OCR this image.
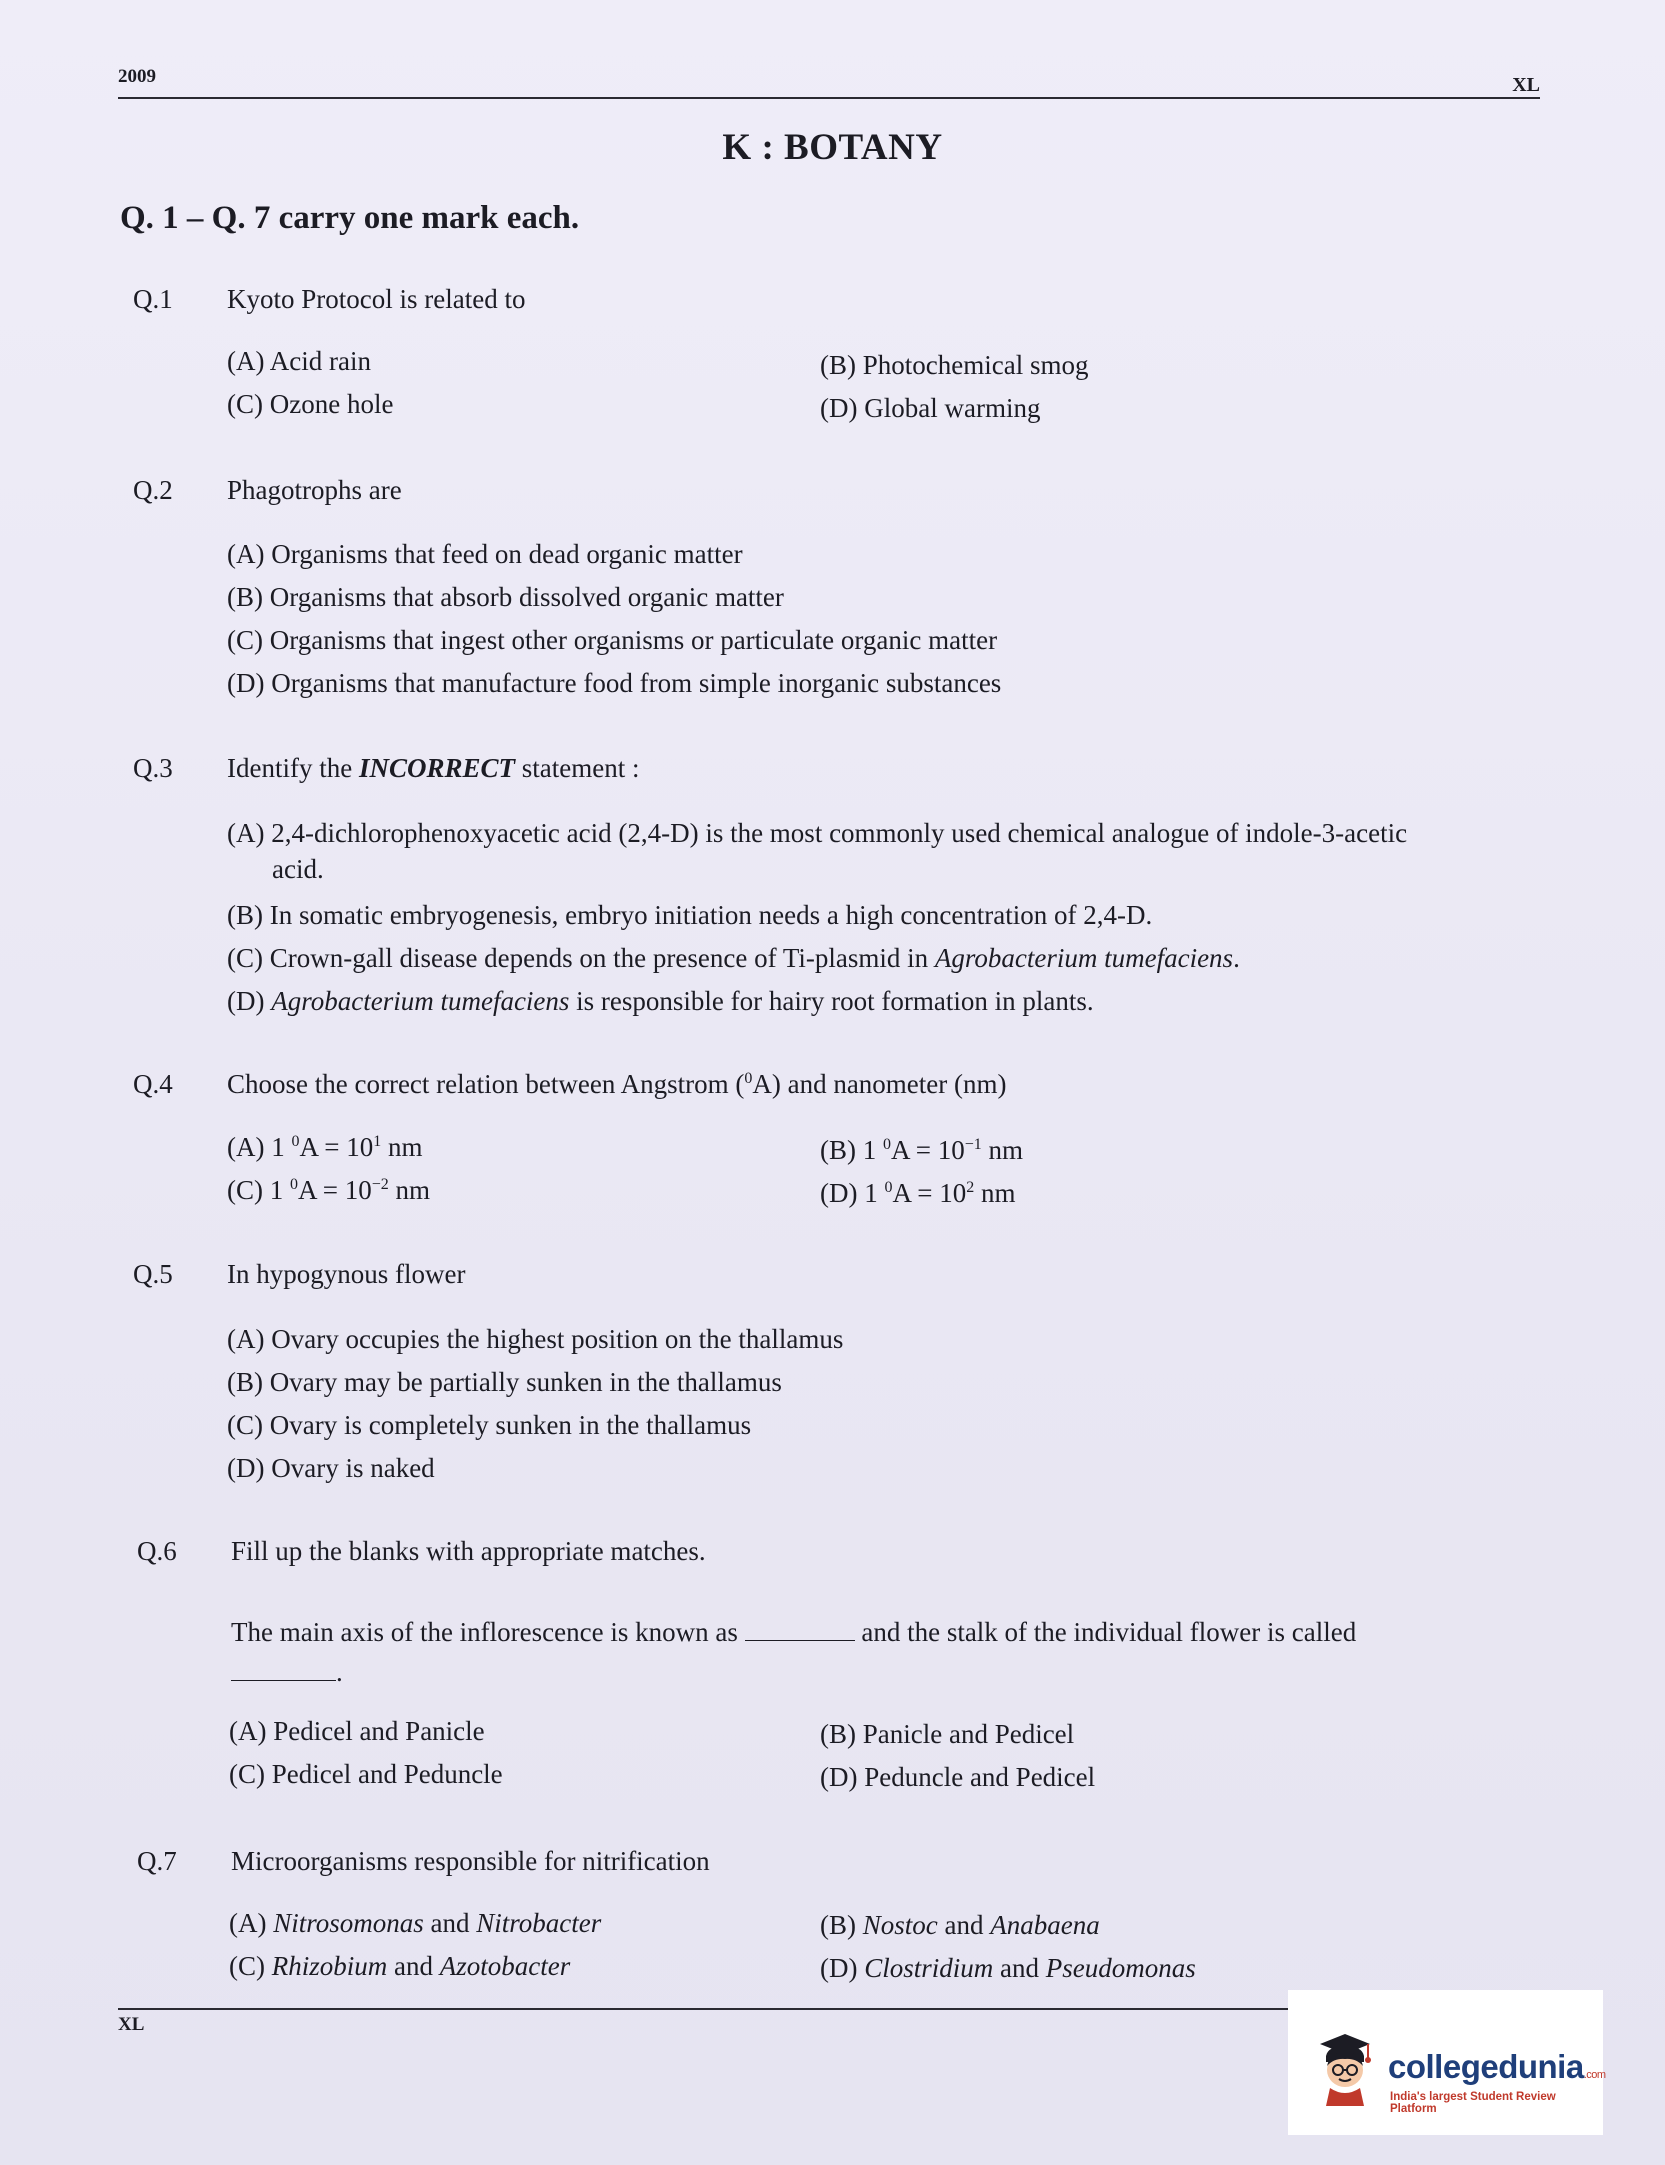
2009	XL
K : BOTANY
Q. 1 – Q. 7 carry one mark each.
Q.1 Kyoto Protocol is related to
(A) Acid rain	(B) Photochemical smog
(C) Ozone hole	(D) Global warming
Q.2 Phagotrophs are
(A) Organisms that feed on dead organic matter
(B) Organisms that absorb dissolved organic matter
(C) Organisms that ingest other organisms or particulate organic matter
(D) Organisms that manufacture food from simple inorganic substances
Q.3 Identify the INCORRECT statement :
(A) 2,4-dichlorophenoxyacetic acid (2,4-D) is the most commonly used chemical analogue of indole-3-acetic acid.
(B) In somatic embryogenesis, embryo initiation needs a high concentration of 2,4-D.
(C) Crown-gall disease depends on the presence of Ti-plasmid in Agrobacterium tumefaciens.
(D) Agrobacterium tumefaciens is responsible for hairy root formation in plants.
Q.4 Choose the correct relation between Angstrom ($^0$A) and nanometer (nm)
(A) 1 $^0A = 10^1$ nm	(B) 1 $^0A = 10^{-1}$ nm
(C) 1 $^0A = 10^{-2}$ nm	(D) 1 $^0A = 10^2$ nm
Q.5 In hypogynous flower
(A) Ovary occupies the highest position on the thallamus
(B) Ovary may be partially sunken in the thallamus
(C) Ovary is completely sunken in the thallamus
(D) Ovary is naked
Q.6 Fill up the blanks with appropriate matches.
The main axis of the inflorescence is known as	and the stalk of the individual flower is called
.
(A) Pedicel and Panicle	(B) Panicle and Pedicel
(C) Pedicel and Peduncle	(D) Peduncle and Pedicel
Q.7 Microorganisms responsible for nitrification
(A) Nitrosomonas and Nitrobacter	(B) Nostoc and Anabaena
(C) Rhizobium and Azotobacter	(D) Clostridium and Pseudomonas
XL
collegedunia.com
India's largest Student Review Platform
